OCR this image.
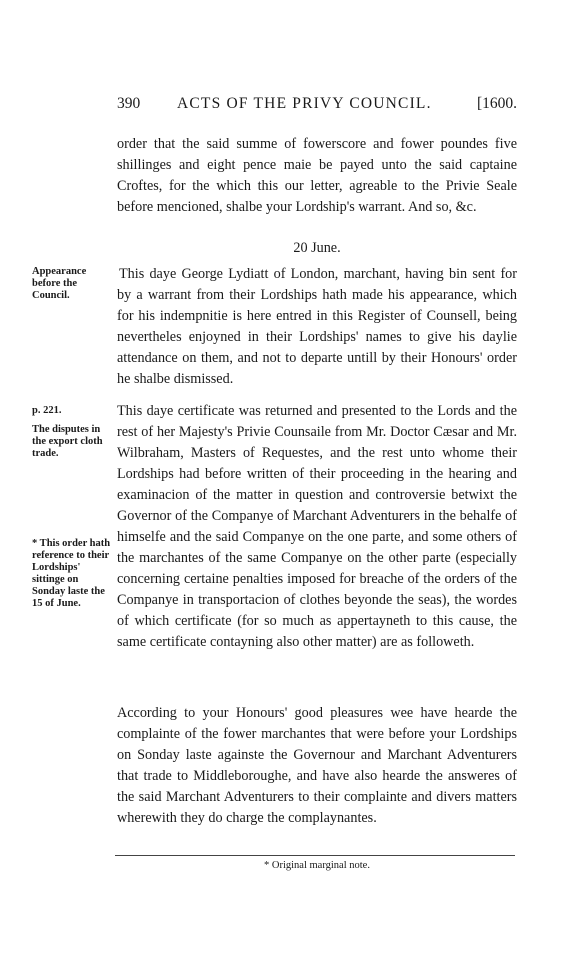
390 ACTS OF THE PRIVY COUNCIL.	[1600.

order that the said summe of fowerscore and fower poundes five shillinges and eight pence maie be payed unto the said captaine Croftes, for the which this our letter, agreable to the Privie Seale before mencioned, shalbe your Lordship's warrant. And so, &c.

20 June.

Appearance before the Council.

This daye George Lydiatt of London, marchant, having bin sent for by a warrant from their Lordships hath made his appearance, which for his indempnitie is here entred in this Register of Counsell, being nevertheles enjoyned in their Lordships' names to give his daylie attendance on them, and not to departe untill by their Honours' order he shalbe dismissed.

p. 221.

The disputes in the export cloth trade.

* This order hath reference to their Lordships' sittinge on Sonday laste the 15 of June.

This daye certificate was returned and presented to the Lords and the rest of her Majesty's Privie Counsaile from Mr. Doctor Cæsar and Mr. Wilbraham, Masters of Requestes, and the rest unto whome their Lordships had before written of their proceeding in the hearing and examinacion of the matter in question and controversie betwixt the Governor of the Companye of Marchant Adventurers in the behalfe of himselfe and the said Companye on the one parte, and some others of the marchantes of the same Companye on the other parte (especially concerning certaine penalties imposed for breache of the orders of the Companye in transportacion of clothes beyonde the seas), the wordes of which certificate (for so much as appertayneth to this cause, the same certificate contayning also other matter) are as followeth.

According to your Honours' good pleasures wee have hearde the complainte of the fower marchantes that were before your Lordships on Sonday laste againste the Governour and Marchant Adventurers that trade to Middleboroughe, and have also hearde the answeres of the said Marchant Adventurers to their complainte and divers matters wherewith they do charge the complaynantes.

* Original marginal note.
